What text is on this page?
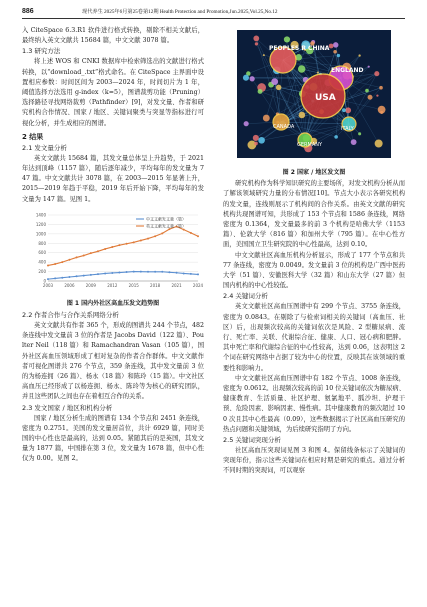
886	现代养生 2025年6月第25卷第12期 Health Protection and Promotion,Jun.2025,Vol.25,No.12

入 CiteSpace 6.3.R1 软件进行格式转换，剔除不相关文献后，最终纳入英文文献共 15684 篇，中文文献 3078 篇。

1.3 研究方法

将上述 WOS 和 CNKI 数据库中检索筛选出的文献进行格式转换，以“download_.txt”格式命名。在 CiteSpace 主界面中设置相应参数：时间区间为 2003—2024 年，时间切片为 1 年，阈值选择方法选用 g-index（k=5），图谱裁剪功能（Pruning）选择路径寻找网络裁剪（Pathfinder）[9]，对发文量、作者和研究机构合作情况、国家 / 地区、关键词聚类与突显等指标进行可视化分析，并生成相应的图谱。

2 结果
2.1 发文量分析

英文文献共 15684 篇，其发文量总体呈上升趋势，于 2021 年达到顶峰（1157 篇），随后逐年减少，平均每年的发文量为 747 篇。中文文献共计 3078 篇，在 2003—2015 年显著上升，2015—2019 年趋于平稳，2019 年后开始下降，平均每年的发文量为 147 篇。见图 1。

0
200
400
600
800
1000
1200
1400
2003	2006	2009	2012	2015	2018	2021	2024
中文文献发文量（篇）
英文文献发文量（篇）
图 1 国内外社区高血压发文趋势图
2.2 作者合作与合作关系网络分析

英文文献共有作者 365 个，形成的图谱共 244 个节点，482 条连线中发文量前 3 位的作者是 Jacobs David（122 篇）、Poulter Neil（118 篇）和 Ramachandran Vasan（105 篇），国外社区高血压领域形成了相对复杂的作者合作群体。中文文献作者可视化图谱共 276 个节点，359 条连线，其中发文量前 3 位的为杨连拥（26 篇）、杨永（18 篇）和陈玲（15 篇）。中文社区高血压已经形成了以杨连拥、杨永、陈玲等为核心的研究团队，并且这些团队之间也存在着相互合作的关系。

2.3 发文国家 / 地区和机构分析

国家 / 地区分析生成的图谱有 134 个节点和 2451 条连线，密度为 0.2751。美国的发文量居首位，共计 6929 篇，同时美国的中心性也是最高的，达到 0.05。紧随其后的是英国，其发文量为 1877 篇，中国排在第 3 位，发文量为 1678 篇，但中心性仅为 0.00。见图 2。

PEOPLES R CHINA
ENGLAND
USA
CANADA	ITALY
GERMANY
图 2 国家 / 地区发文图

研究机构作为科学知识研究的主要场所，对发文机构分析从而了解该领域研究力量的分布情况[10]。节点大小表示各研究机构的发文量，连线则展示了机构间的合作关系。由英文文献的研究机构共现图谱可知，共形成了 153 个节点和 1586 条连线，网络密度为 0.1364，发文量最多的前 3 个机构是哈佛大学（1153 篇）、伦敦大学（816 篇）和加州大学（795 篇）。在中心性方面，美国国立卫生研究院的中心性最高，达到 0.10。

中文文献社区高血压机构分析显示，形成了 177 个节点和共 77 条连线，密度为 0.0049。发文量前 3 位的机构是广西中医药大学（51 篇）、安徽医科大学（32 篇）和山东大学（27 篇）但国内机构的中心性较低。

2.4 关键词分析

英文文献社区高血压图谱中有 299 个节点、3755 条连线，密度为 0.0843。在剔除了与检索词相关的关键词（高血压、社区）后，出现频次较高的关键词依次是风险、2 型糖尿病、流行、死亡率、关联、代谢综合征、健康、人口、冠心病和肥胖。其中死亡率和代谢综合征的中心性较高，达到 0.06，这表明这 2 个词在研究网络中占据了较为中心的位置，反映其在该领域的重要性和影响力。

中文文献社区高血压图谱中有 182 个节点、1008 条连线，密度为 0.0612。出现频次较高的前 10 位关键词依次为糖尿病、健康教育、生活质量、社区护理、氨氯地平、胍沙坦、护理干预、危险因素、影响因素、慢性病。其中健康教育的频次超过 100 次且其中心性最高（0.09），这些数据揭示了社区高血压研究的热点问题和关键领域，为后续研究指明了方向。

2.5 关键词突现分析

社区高血压突现词见图 3 和图 4。保留线条标示了关键词的突现年份，指示这些关键词在相应时期是研究的重点。通过分析不同时期的突现词，可以观察
